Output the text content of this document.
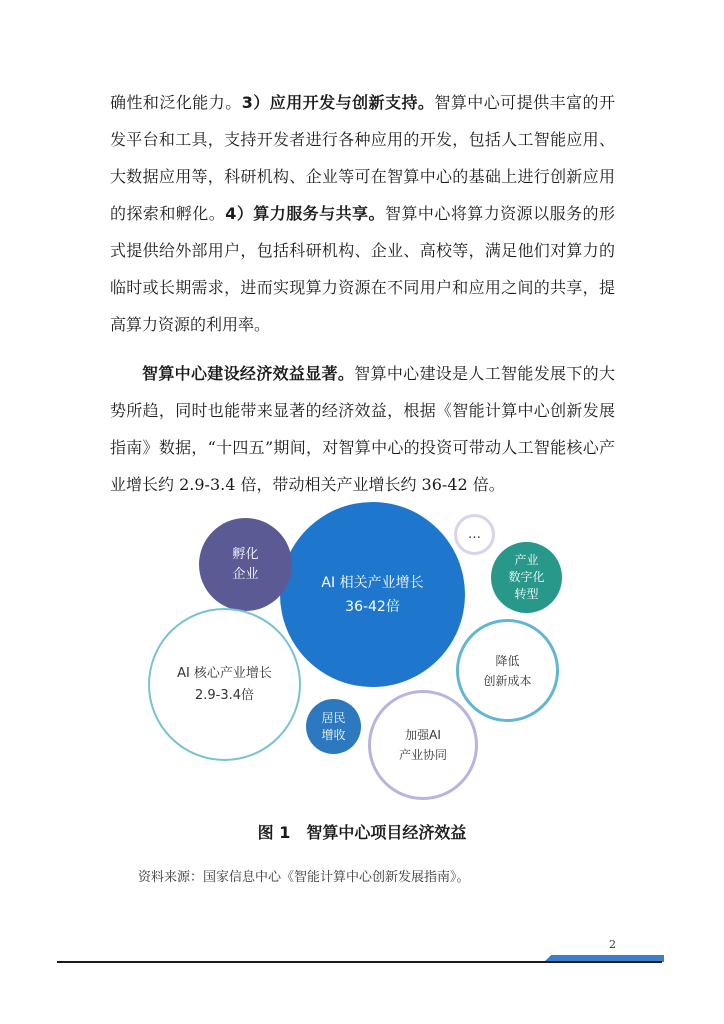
确性和泛化能力。3）应用开发与创新支持。智算中心可提供丰富的开发平台和工具，支持开发者进行各种应用的开发，包括人工智能应用、大数据应用等，科研机构、企业等可在智算中心的基础上进行创新应用的探索和孵化。4）算力服务与共享。智算中心将算力资源以服务的形式提供给外部用户，包括科研机构、企业、高校等，满足他们对算力的临时或长期需求，进而实现算力资源在不同用户和应用之间的共享，提高算力资源的利用率。

智算中心建设经济效益显著。智算中心建设是人工智能发展下的大势所趋，同时也能带来显著的经济效益，根据《智能计算中心创新发展指南》数据，“十四五”期间，对智算中心的投资可带动人工智能核心产业增长约 2.9-3.4 倍，带动相关产业增长约 36-42 倍。

AI 相关产业增长
36-42倍
孵化
企业
…
产业
数字化
转型
AI 核心产业增长
2.9-3.4倍
降低
创新成本
居民
增收	加强AI
产业协同
图 1　智算中心项目经济效益
资料来源：国家信息中心《智能计算中心创新发展指南》。
2
